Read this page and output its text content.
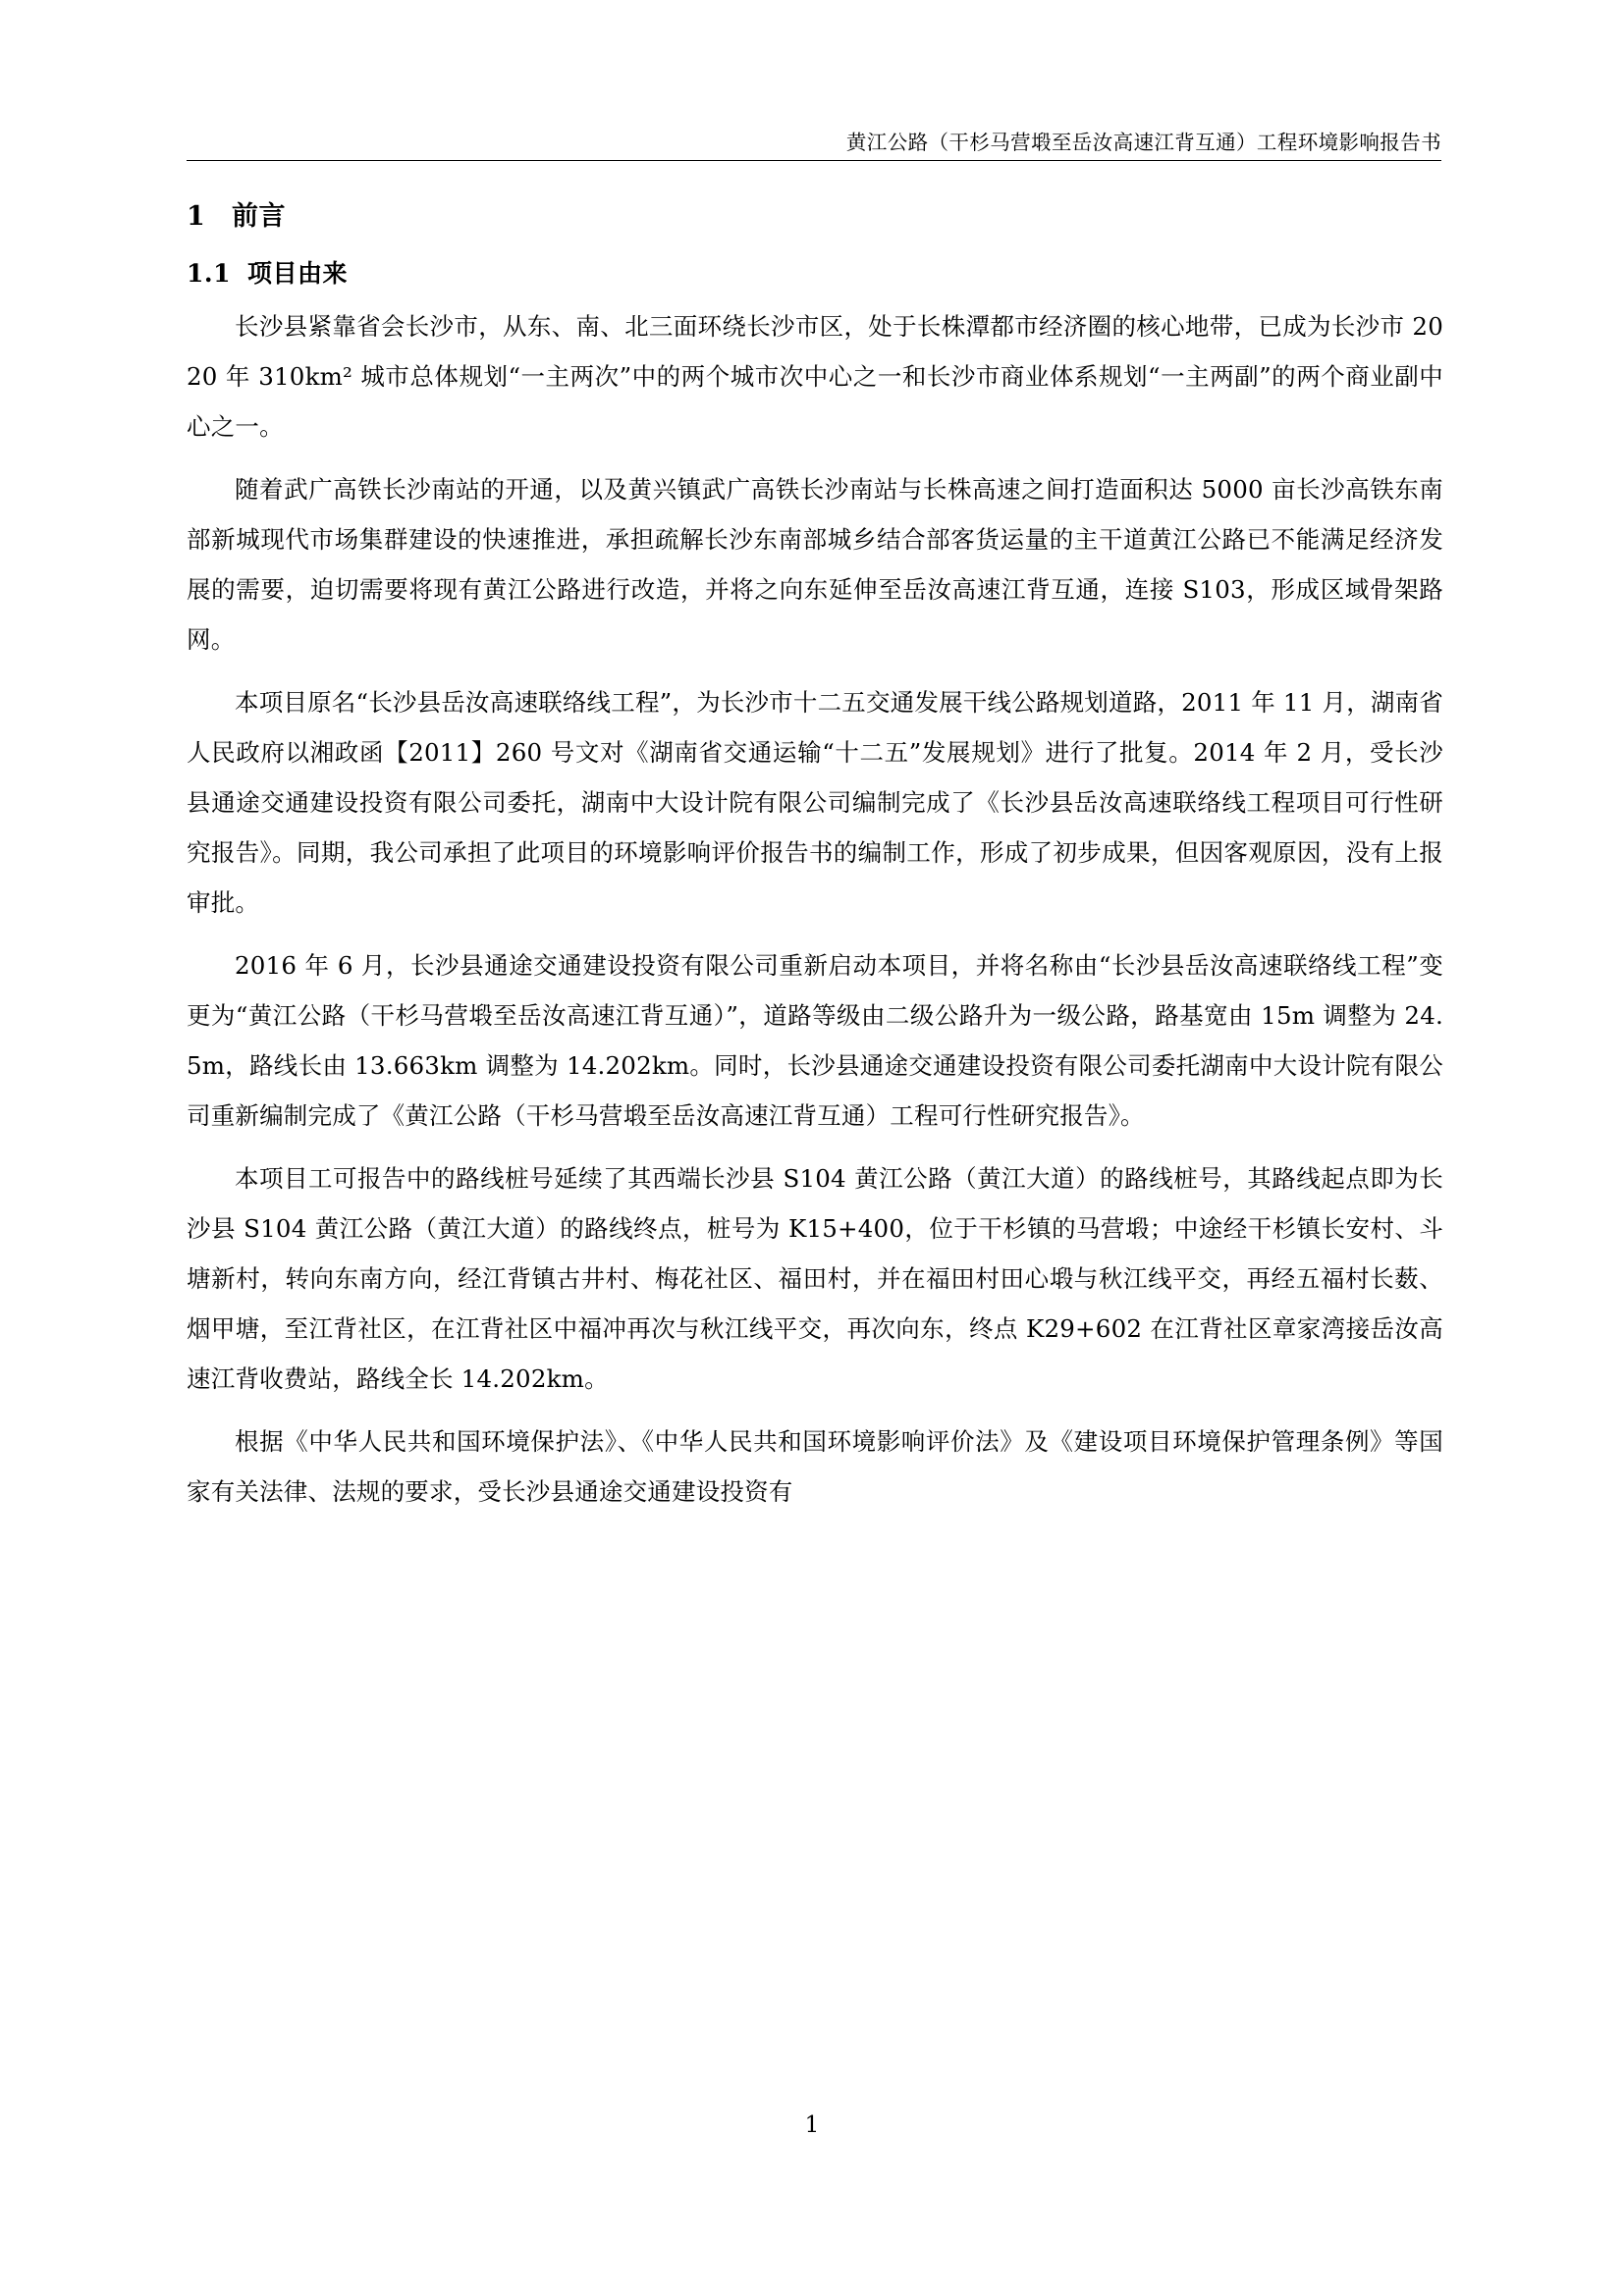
黄江公路（干杉马营塅至岳汝高速江背互通）工程环境影响报告书
1 前言
1.1 项目由来

长沙县紧靠省会长沙市，从东、南、北三面环绕长沙市区，处于长株潭都市经济圈的核心地带，已成为长沙市 2020 年 310km² 城市总体规划“一主两次”中的两个城市次中心之一和长沙市商业体系规划“一主两副”的两个商业副中心之一。

随着武广高铁长沙南站的开通，以及黄兴镇武广高铁长沙南站与长株高速之间打造面积达 5000 亩长沙高铁东南部新城现代市场集群建设的快速推进，承担疏解长沙东南部城乡结合部客货运量的主干道黄江公路已不能满足经济发展的需要，迫切需要将现有黄江公路进行改造，并将之向东延伸至岳汝高速江背互通，连接 S103，形成区域骨架路网。

本项目原名“长沙县岳汝高速联络线工程”，为长沙市十二五交通发展干线公路规划道路，2011 年 11 月，湖南省人民政府以湘政函【2011】260 号文对《湖南省交通运输“十二五”发展规划》进行了批复。2014 年 2 月，受长沙县通途交通建设投资有限公司委托，湖南中大设计院有限公司编制完成了《长沙县岳汝高速联络线工程项目可行性研究报告》。同期，我公司承担了此项目的环境影响评价报告书的编制工作，形成了初步成果，但因客观原因，没有上报审批。

2016 年 6 月，长沙县通途交通建设投资有限公司重新启动本项目，并将名称由“长沙县岳汝高速联络线工程”变更为“黄江公路（干杉马营塅至岳汝高速江背互通）”，道路等级由二级公路升为一级公路，路基宽由 15m 调整为 24.5m，路线长由 13.663km 调整为 14.202km。同时，长沙县通途交通建设投资有限公司委托湖南中大设计院有限公司重新编制完成了《黄江公路（干杉马营塅至岳汝高速江背互通）工程可行性研究报告》。

本项目工可报告中的路线桩号延续了其西端长沙县 S104 黄江公路（黄江大道）的路线桩号，其路线起点即为长沙县 S104 黄江公路（黄江大道）的路线终点，桩号为 K15+400，位于干杉镇的马营塅；中途经干杉镇长安村、斗塘新村，转向东南方向，经江背镇古井村、梅花社区、福田村，并在福田村田心塅与秋江线平交，再经五福村长薮、烟甲塘，至江背社区，在江背社区中福冲再次与秋江线平交，再次向东，终点 K29+602 在江背社区章家湾接岳汝高速江背收费站，路线全长 14.202km。

根据《中华人民共和国环境保护法》、《中华人民共和国环境影响评价法》及《建设项目环境保护管理条例》等国家有关法律、法规的要求，受长沙县通途交通建设投资有

1
